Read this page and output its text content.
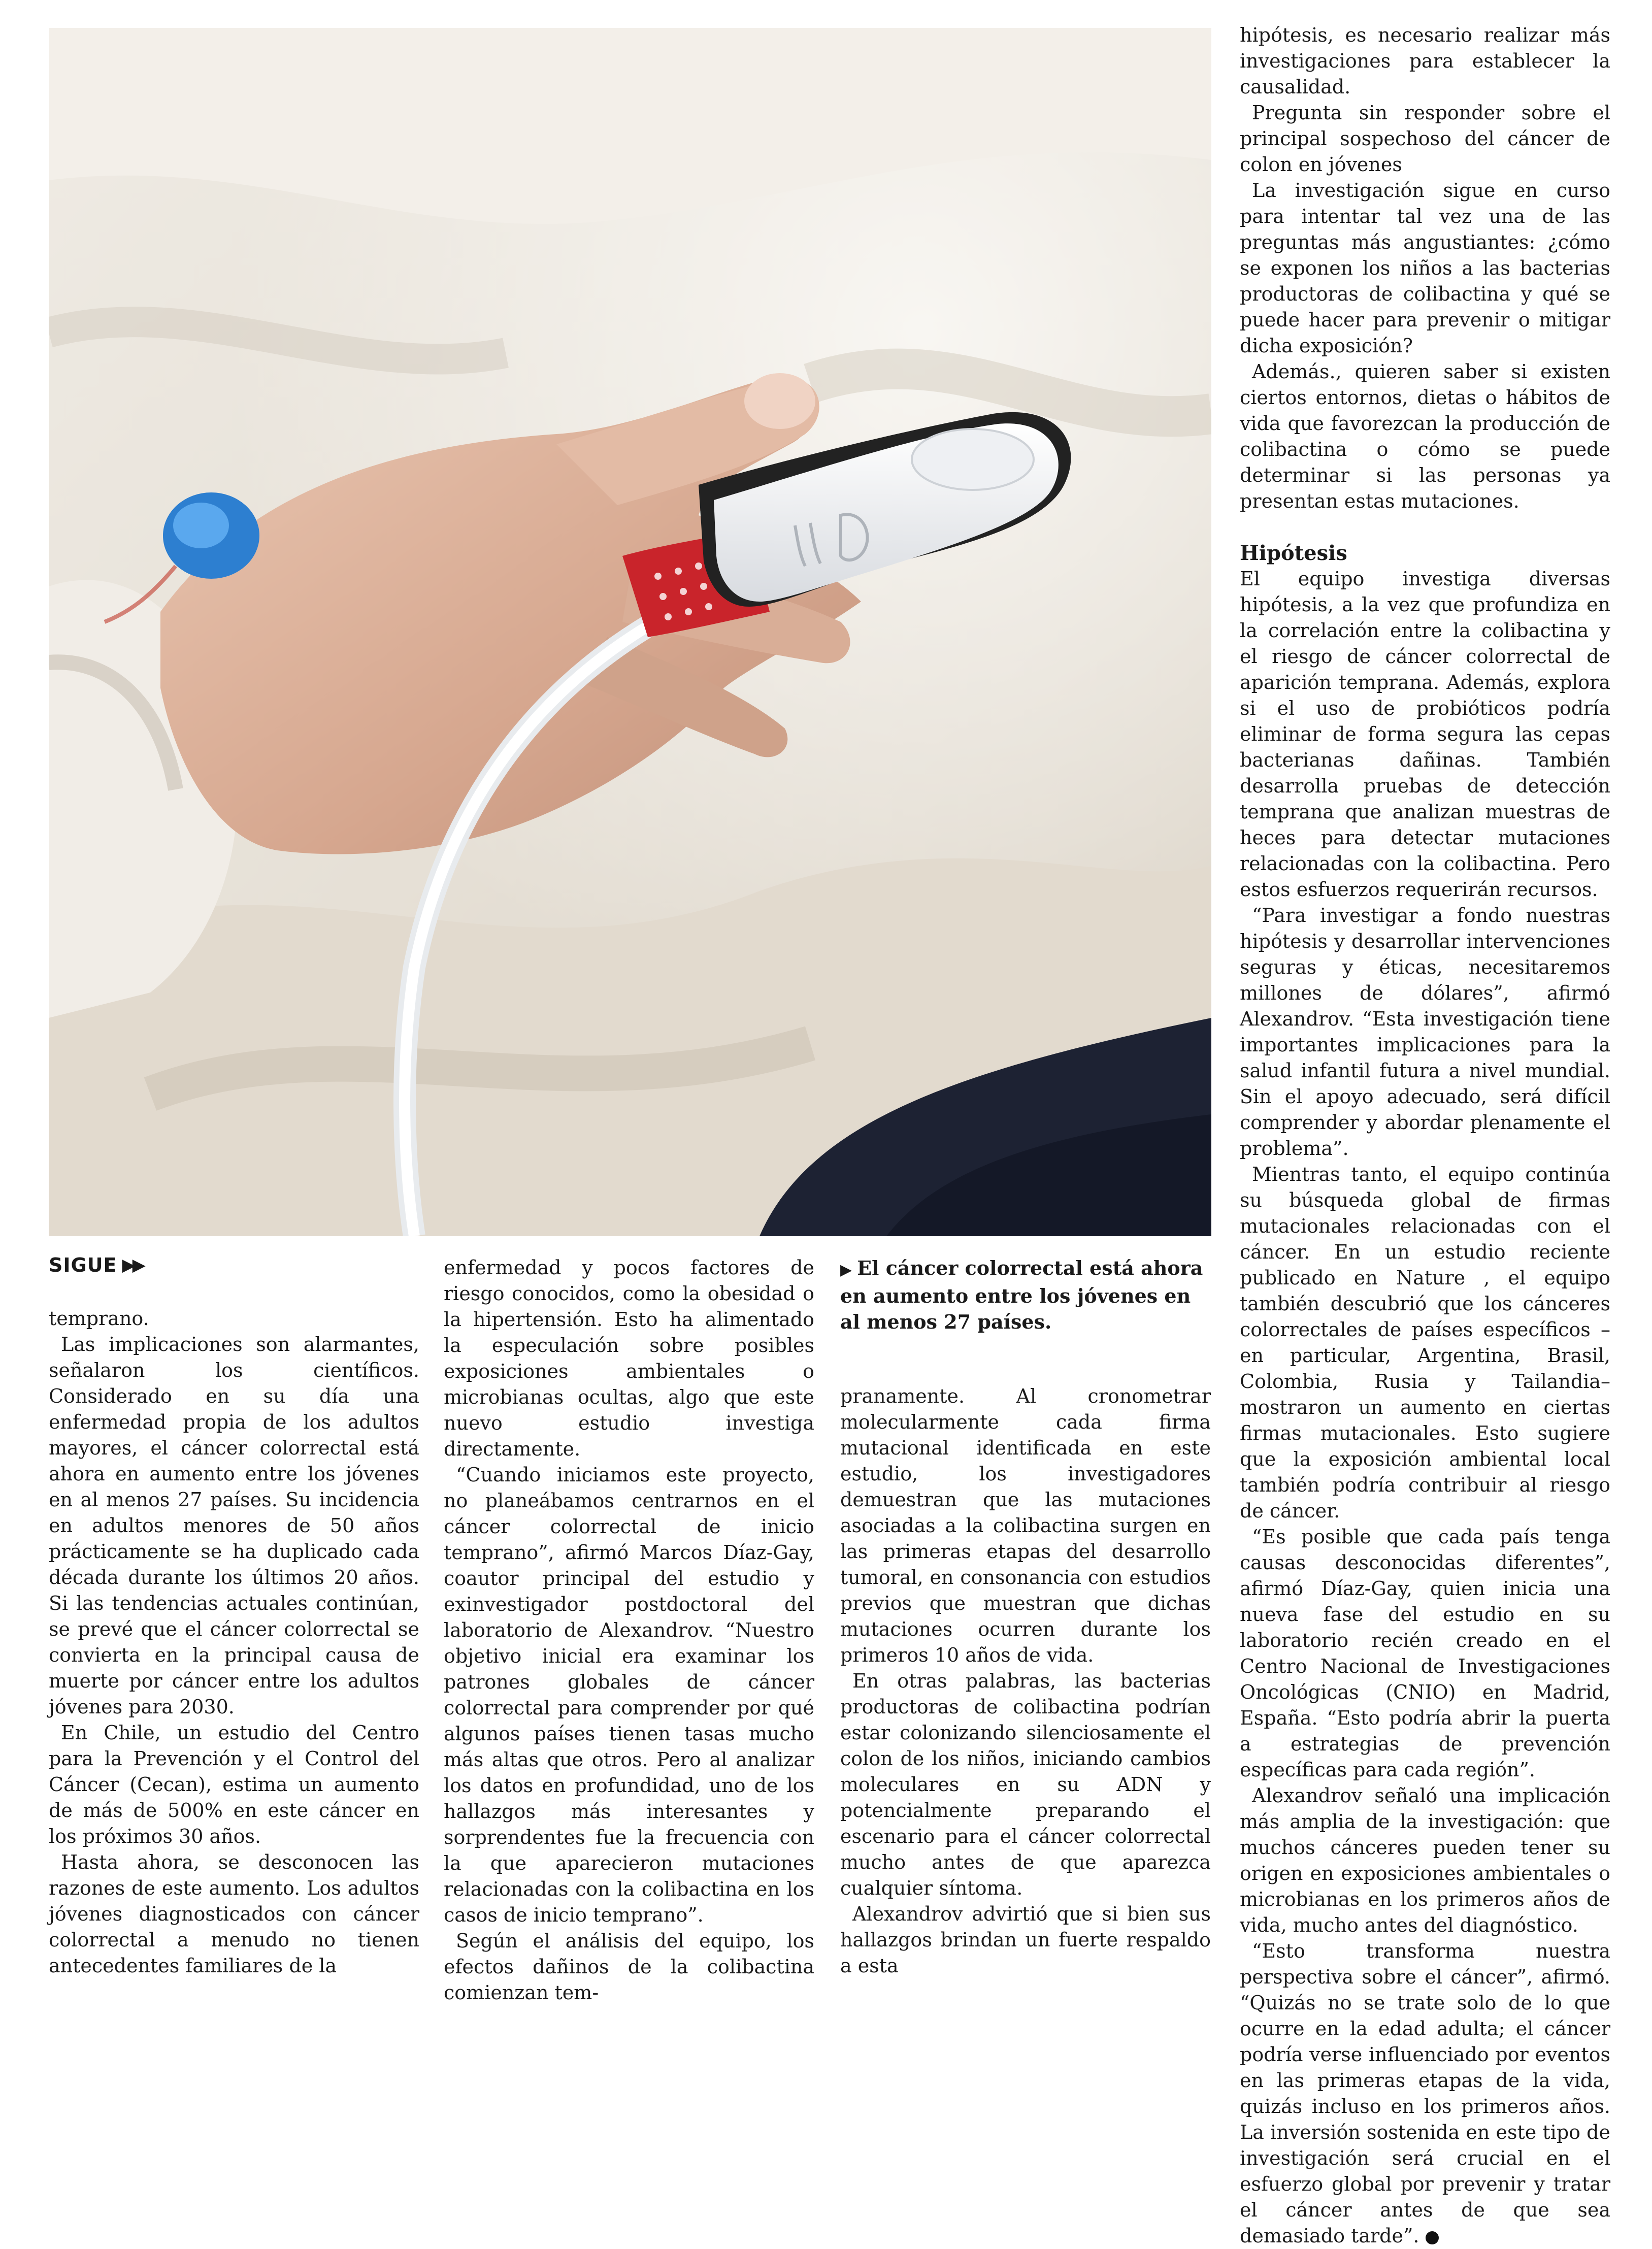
SIGUE ▶▶

temprano.

Las implicaciones son alarmantes, señalaron los científicos. Considerado en su día una enfermedad propia de los adultos mayores, el cáncer colorrectal está ahora en aumento entre los jóvenes en al menos 27 países. Su incidencia en adultos menores de 50 años prácticamente se ha duplicado cada década durante los últimos 20 años. Si las tendencias actuales continúan, se prevé que el cáncer colorrectal se convierta en la principal causa de muerte por cáncer entre los adultos jóvenes para 2030.

En Chile, un estudio del Centro para la Prevención y el Control del Cáncer (Cecan), estima un aumento de más de 500% en este cáncer en los próximos 30 años.

Hasta ahora, se desconocen las razones de este aumento. Los adultos jóvenes diagnosticados con cáncer colorrectal a menudo no tienen antecedentes familiares de la

enfermedad y pocos factores de riesgo conocidos, como la obesidad o la hipertensión. Esto ha alimentado la especulación sobre posibles exposiciones ambientales o microbianas ocultas, algo que este nuevo estudio investiga directamente.

“Cuando iniciamos este proyecto, no planeábamos centrarnos en el cáncer colorrectal de inicio temprano”, afirmó Marcos Díaz-Gay, coautor principal del estudio y exinvestigador postdoctoral del laboratorio de Alexandrov. “Nuestro objetivo inicial era examinar los patrones globales de cáncer colorrectal para comprender por qué algunos países tienen tasas mucho más altas que otros. Pero al analizar los datos en profundidad, uno de los hallazgos más interesantes y sorprendentes fue la frecuencia con la que aparecieron mutaciones relacionadas con la colibactina en los casos de inicio temprano”.

Según el análisis del equipo, los efectos dañinos de la colibactina comienzan tem-

▶ El cáncer colorrectal está ahora en aumento entre los jóvenes en al menos 27 países.

pranamente. Al cronometrar molecularmente cada firma mutacional identificada en este estudio, los investigadores demuestran que las mutaciones asociadas a la colibactina surgen en las primeras etapas del desarrollo tumoral, en consonancia con estudios previos que muestran que dichas mutaciones ocurren durante los primeros 10 años de vida.

En otras palabras, las bacterias productoras de colibactina podrían estar colonizando silenciosamente el colon de los niños, iniciando cambios moleculares en su ADN y potencialmente preparando el escenario para el cáncer colorrectal mucho antes de que aparezca cualquier síntoma.

Alexandrov advirtió que si bien sus hallazgos brindan un fuerte respaldo a esta

hipótesis, es necesario realizar más investigaciones para establecer la causalidad.

Pregunta sin responder sobre el principal sospechoso del cáncer de colon en jóvenes

La investigación sigue en curso para intentar tal vez una de las preguntas más angustiantes: ¿cómo se exponen los niños a las bacterias productoras de colibactina y qué se puede hacer para prevenir o mitigar dicha exposición?

Además., quieren saber si existen ciertos entornos, dietas o hábitos de vida que favorezcan la producción de colibactina o cómo se puede determinar si las personas ya presentan estas mutaciones.

Hipótesis

El equipo investiga diversas hipótesis, a la vez que profundiza en la correlación entre la colibactina y el riesgo de cáncer colorrectal de aparición temprana. Además, explora si el uso de probióticos podría eliminar de forma segura las cepas bacterianas dañinas. También desarrolla pruebas de detección temprana que analizan muestras de heces para detectar mutaciones relacionadas con la colibactina. Pero estos esfuerzos requerirán recursos.

“Para investigar a fondo nuestras hipótesis y desarrollar intervenciones seguras y éticas, necesitaremos millones de dólares”, afirmó Alexandrov. “Esta investigación tiene importantes implicaciones para la salud infantil futura a nivel mundial. Sin el apoyo adecuado, será difícil comprender y abordar plenamente el problema”.

Mientras tanto, el equipo continúa su búsqueda global de firmas mutacionales relacionadas con el cáncer. En un estudio reciente publicado en Nature , el equipo también descubrió que los cánceres colorrectales de países específicos –en particular, Argentina, Brasil, Colombia, Rusia y Tailandia– mostraron un aumento en ciertas firmas mutacionales. Esto sugiere que la exposición ambiental local también podría contribuir al riesgo de cáncer.

“Es posible que cada país tenga causas desconocidas diferentes”, afirmó Díaz-Gay, quien inicia una nueva fase del estudio en su laboratorio recién creado en el Centro Nacional de Investigaciones Oncológicas (CNIO) en Madrid, España. “Esto podría abrir la puerta a estrategias de prevención específicas para cada región”.

Alexandrov señaló una implicación más amplia de la investigación: que muchos cánceres pueden tener su origen en exposiciones ambientales o microbianas en los primeros años de vida, mucho antes del diagnóstico.

“Esto transforma nuestra perspectiva sobre el cáncer”, afirmó. “Quizás no se trate solo de lo que ocurre en la edad adulta; el cáncer podría verse influenciado por eventos en las primeras etapas de la vida, quizás incluso en los primeros años. La inversión sostenida en este tipo de investigación será crucial en el esfuerzo global por prevenir y tratar el cáncer antes de que sea demasiado tarde”.
